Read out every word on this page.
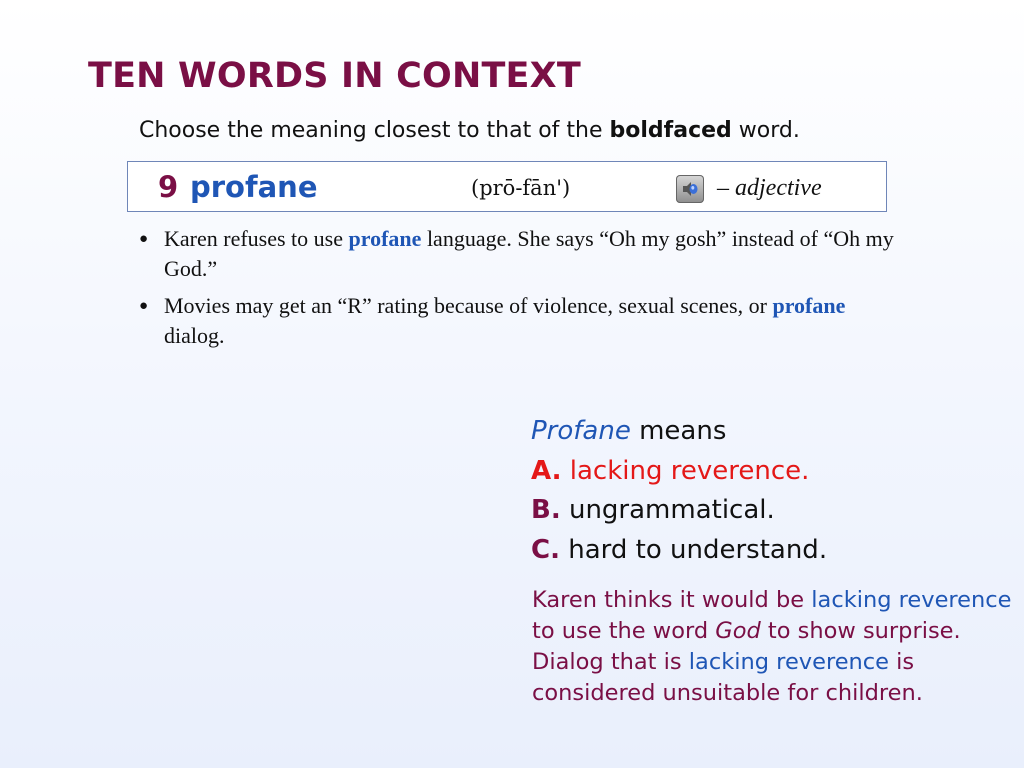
TEN WORDS IN CONTEXT
Choose the meaning closest to that of the boldfaced word.
9 profane	(prō-fān')	– adjective
● Karen refuses to use profane language. She says “Oh my gosh” instead of “Oh my God.”
● Movies may get an “R” rating because of violence, sexual scenes, or profane dialog.
Profane means
A. lacking reverence.
B. ungrammatical.
C. hard to understand.
Karen thinks it would be lacking reverence to use the word God to show surprise. Dialog that is lacking reverence is considered unsuitable for children.
